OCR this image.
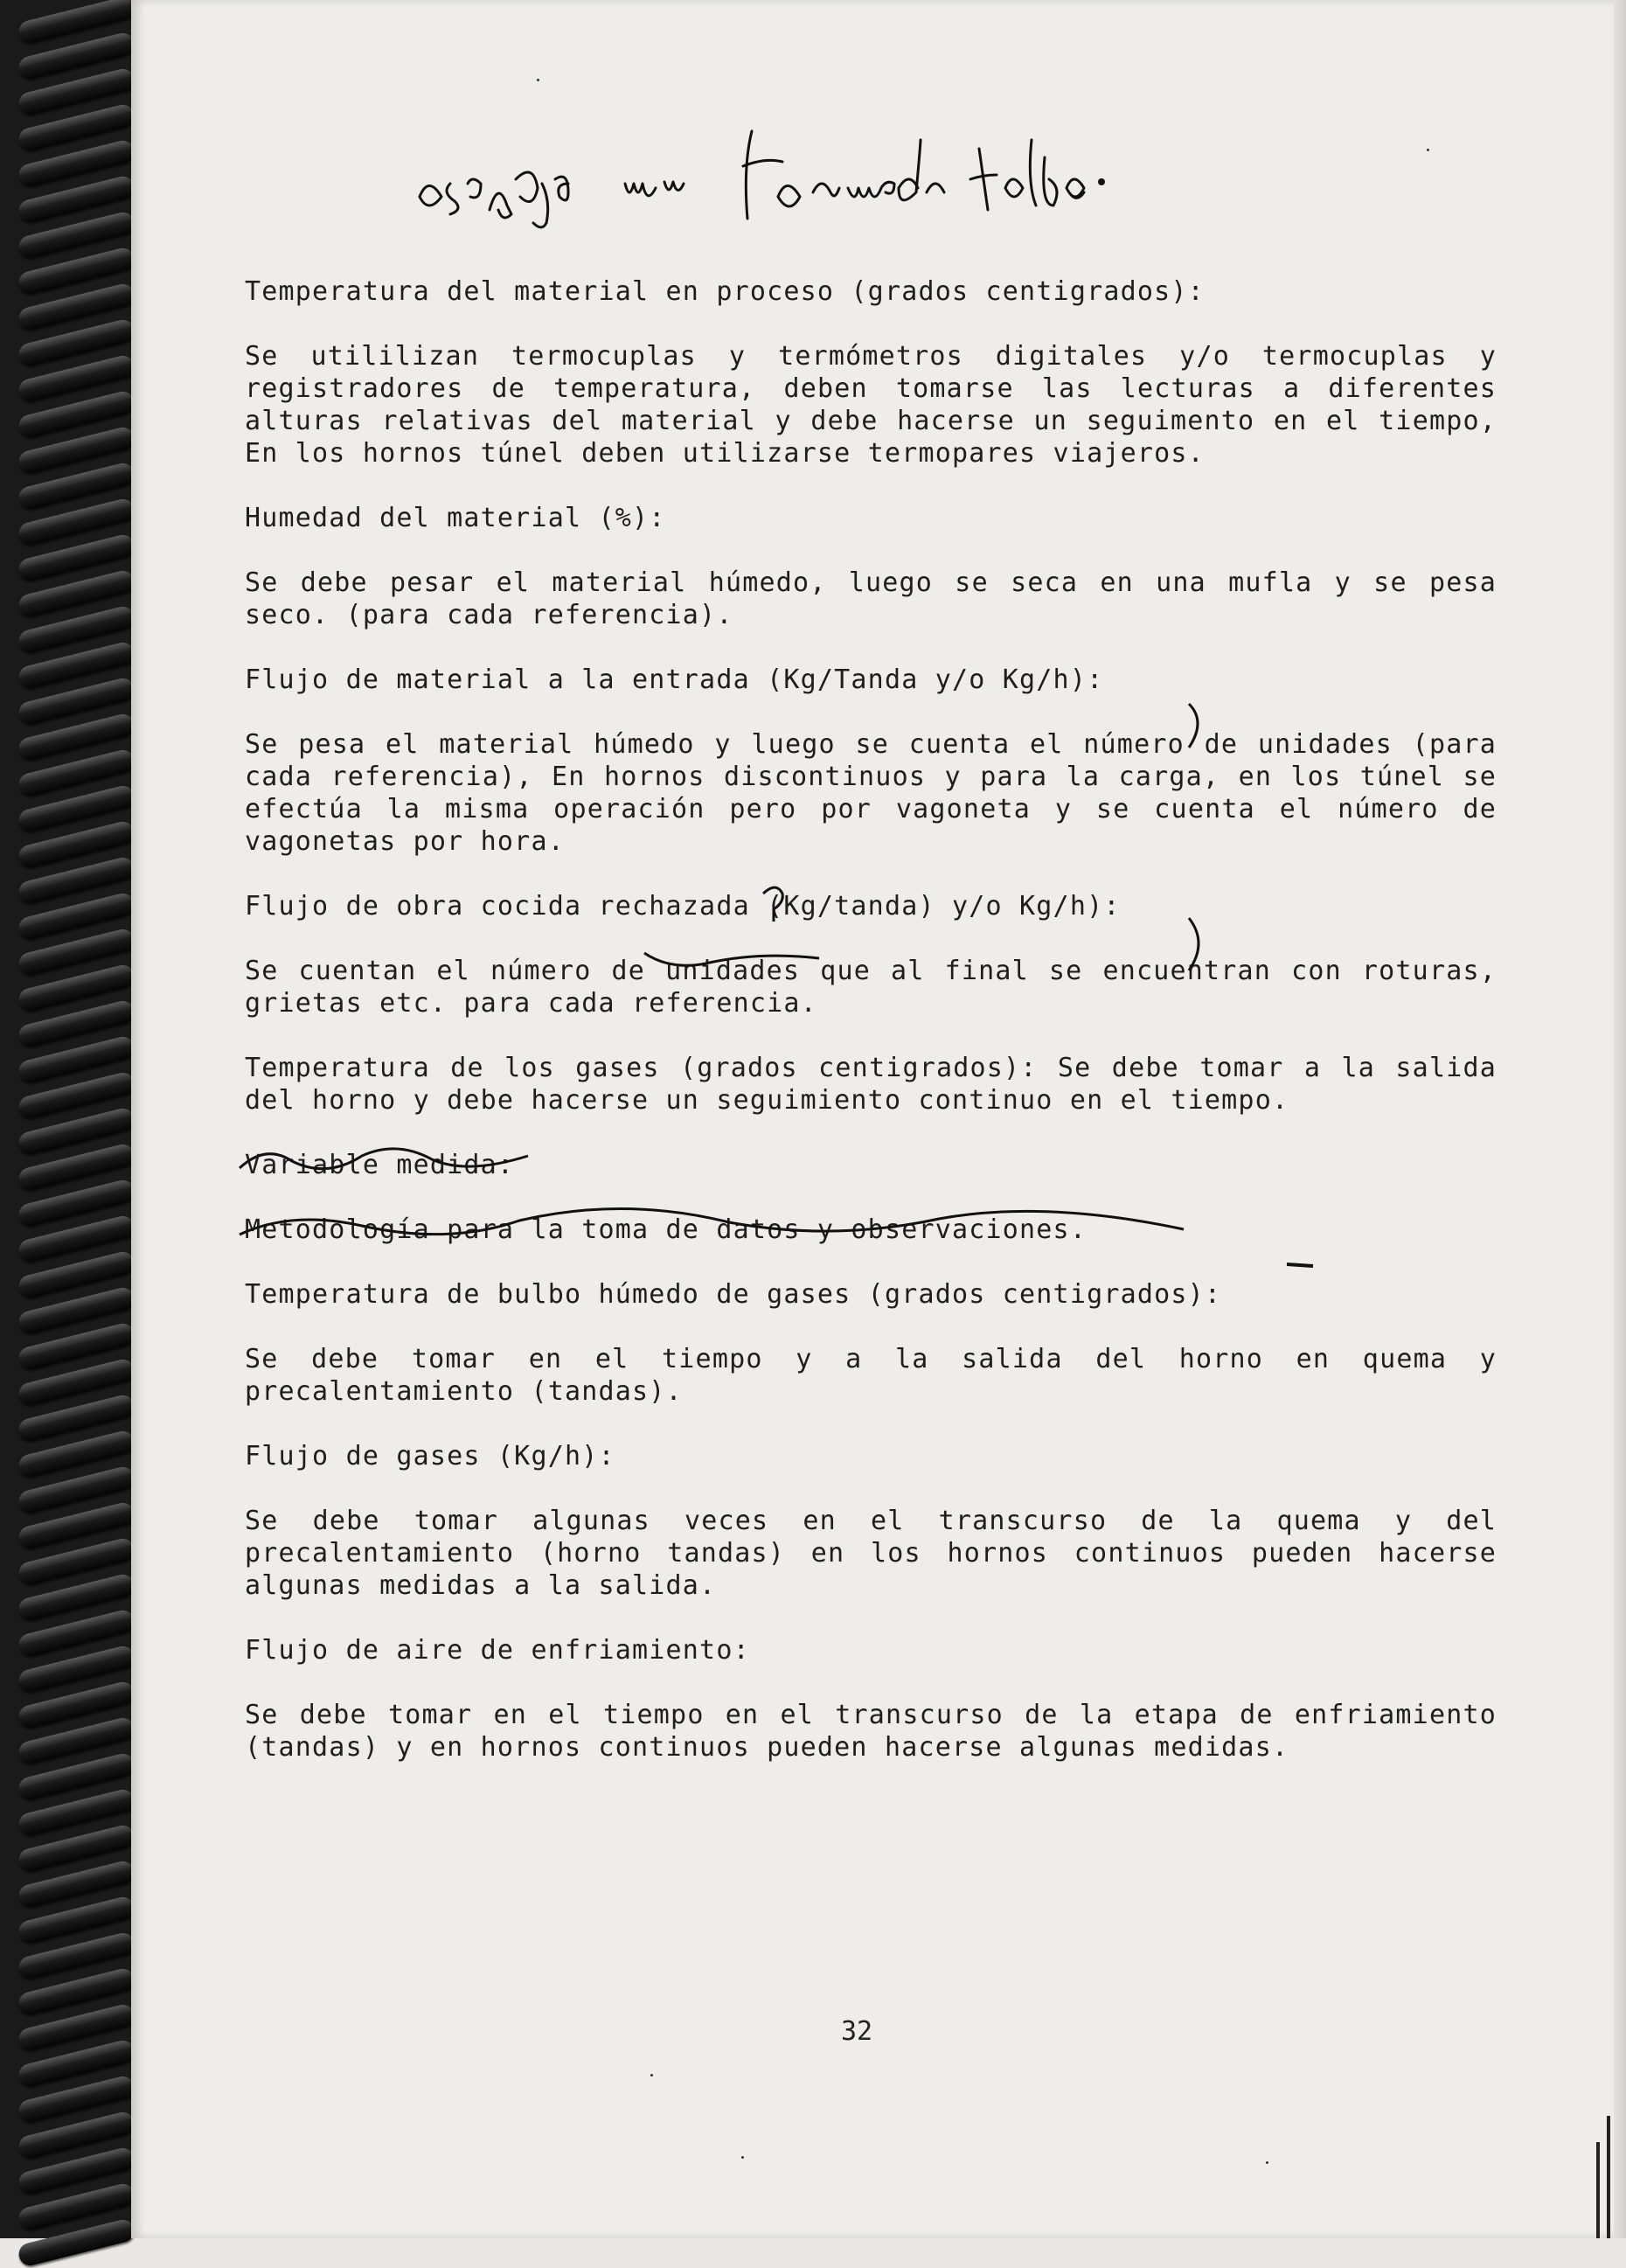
Temperatura del material en proceso (grados centigrados):

Se utililizan termocuplas y termómetros digitales y/o termocuplas y registradores de temperatura, deben tomarse las lecturas a diferentes alturas relativas del material y debe hacerse un seguimento en el tiempo, En los hornos túnel deben utilizarse termopares viajeros.

Humedad del material (%):

Se debe pesar el material húmedo, luego se seca en una mufla y se pesa seco. (para cada referencia).

Flujo de material a la entrada (Kg/Tanda y/o Kg/h):

Se pesa el material húmedo y luego se cuenta el número de unidades (para cada referencia), En hornos discontinuos y para la carga, en los túnel se efectúa la misma operación pero por vagoneta y se cuenta el número de vagonetas por hora.

Flujo de obra cocida rechazada (Kg/tanda) y/o Kg/h):

Se cuentan el número de unidades que al final se encuentran con roturas, grietas etc. para cada referencia.

Temperatura de los gases (grados centigrados): Se debe tomar a la salida del horno y debe hacerse un seguimiento continuo en el tiempo.

Variable medida:

Metodología para la toma de datos y observaciones.

Temperatura de bulbo húmedo de gases (grados centigrados):

Se debe tomar en el tiempo y a la salida del horno en quema y precalentamiento (tandas).

Flujo de gases (Kg/h):

Se debe tomar algunas veces en el transcurso de la quema y del precalentamiento (horno tandas) en los hornos continuos pueden hacerse algunas medidas a la salida.

Flujo de aire de enfriamiento:

Se debe tomar en el tiempo en el transcurso de la etapa de enfriamiento (tandas) y en hornos continuos pueden hacerse algunas medidas.

32
